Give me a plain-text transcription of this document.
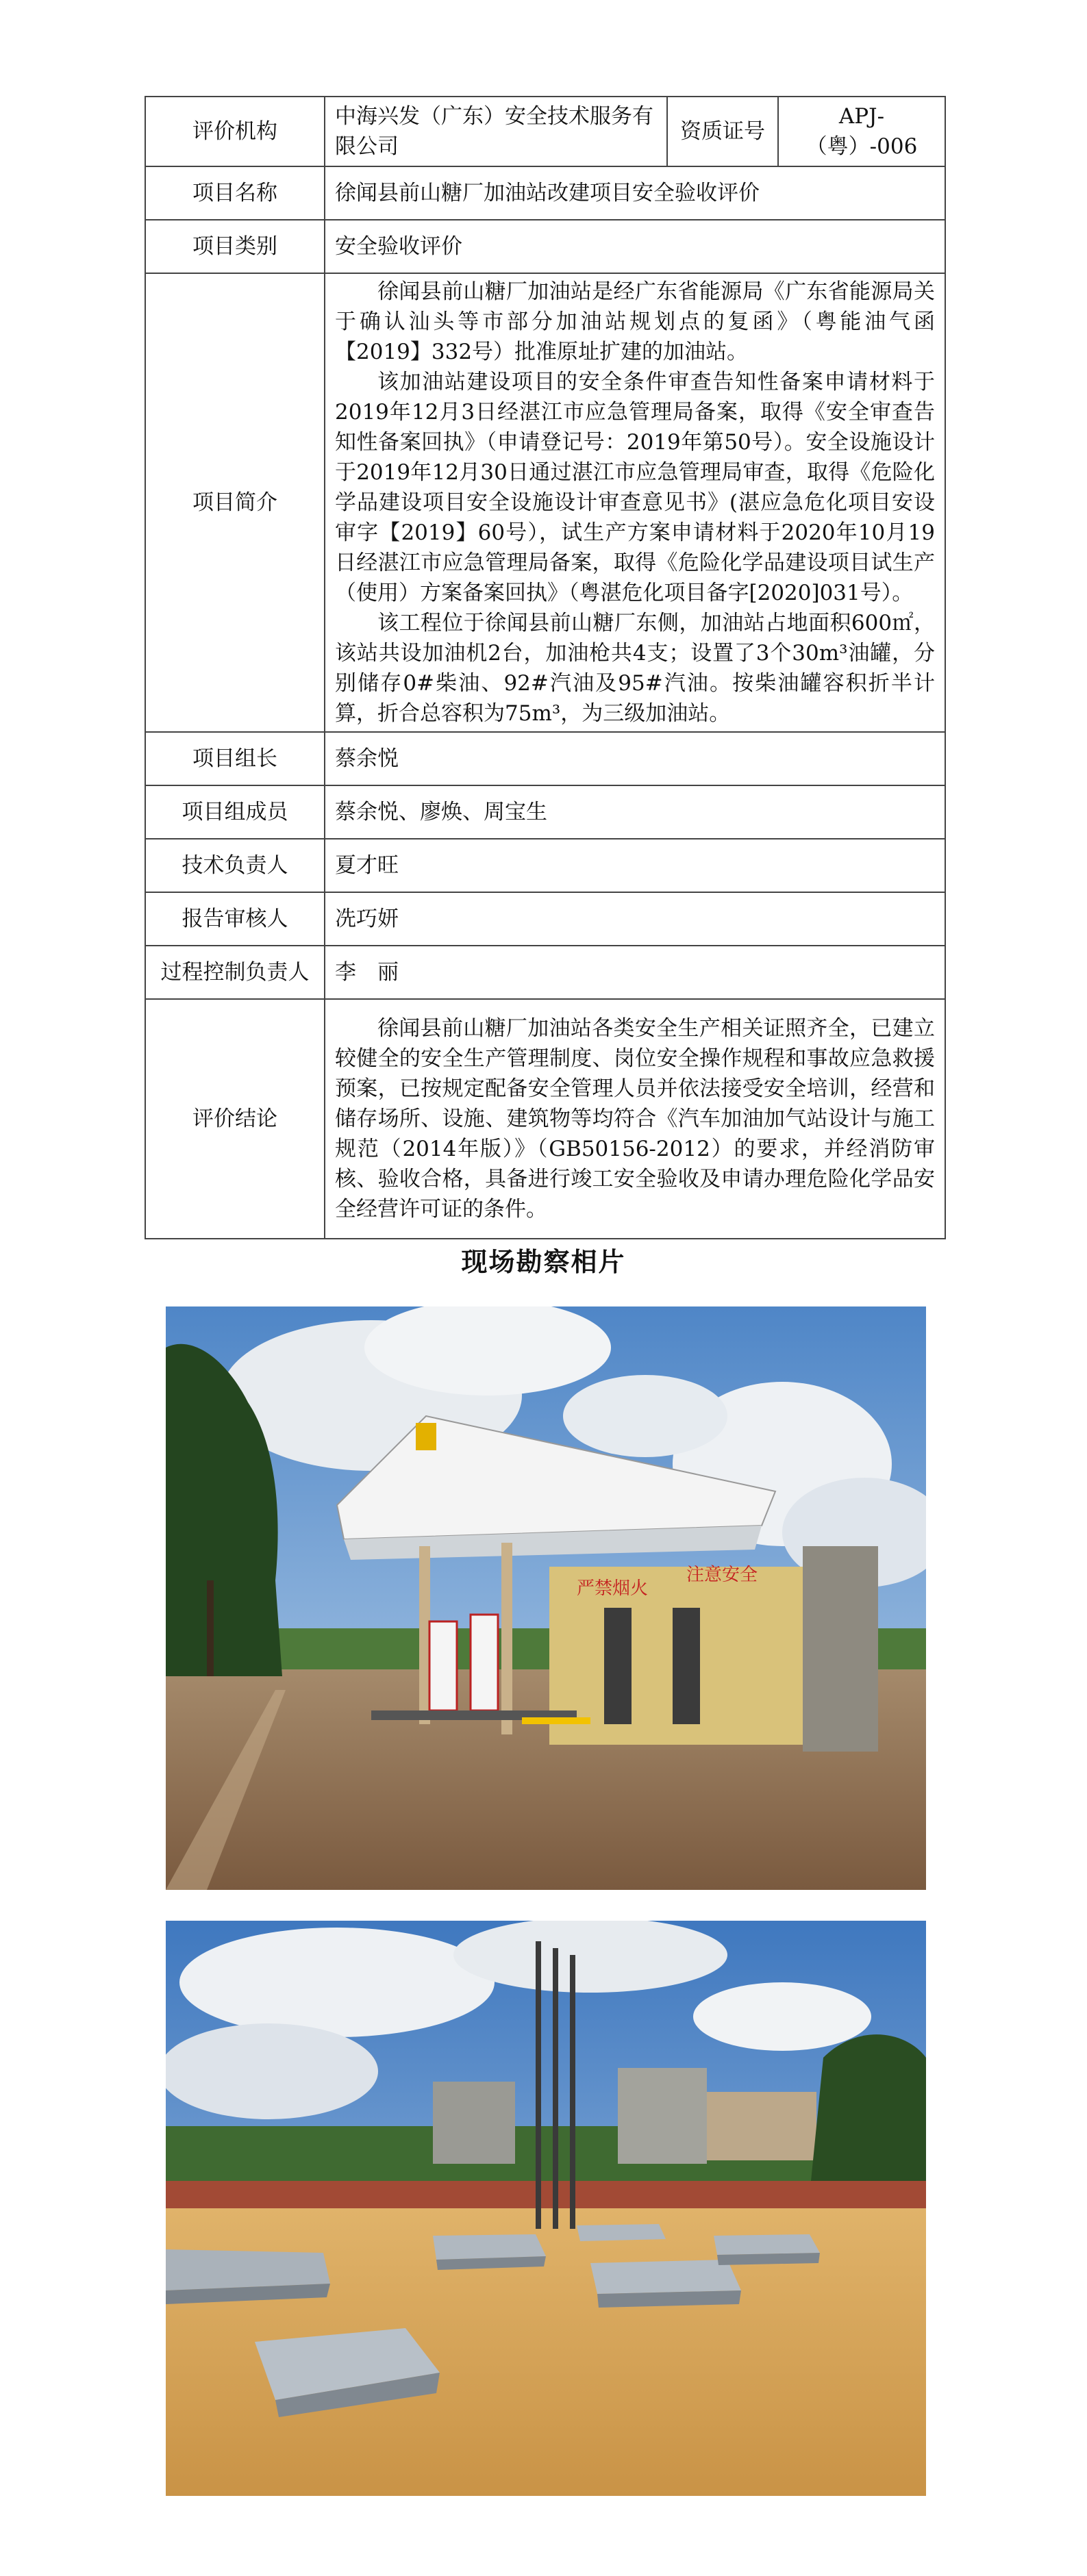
评价机构	中海兴发（广东）安全技术服务有限公司	资质证号	APJ-（粤）-006
项目名称	徐闻县前山糖厂加油站改建项目安全验收评价		
项目类别	安全验收评价		
项目简介	徐闻县前山糖厂加油站是经广东省能源局《广东省能源局关于确认汕头等市部分加油站规划点的复函》（粤能油气函【2019】332号）批准原址扩建的加油站。

该加油站建设项目的安全条件审查告知性备案申请材料于2019年12月3日经湛江市应急管理局备案，取得《安全审查告知性备案回执》（申请登记号：2019年第50号）。安全设施设计于2019年12月30日通过湛江市应急管理局审查，取得《危险化学品建设项目安全设施设计审查意见书》(湛应急危化项目安设审字【2019】60号），试生产方案申请材料于2020年10月19日经湛江市应急管理局备案，取得《危险化学品建设项目试生产（使用）方案备案回执》（粤湛危化项目备字[2020]031号）。

该工程位于徐闻县前山糖厂东侧，加油站占地面积600㎡，该站共设加油机2台，加油枪共4支；设置了3个30m³油罐，分别储存0#柴油、92#汽油及95#汽油。按柴油罐容积折半计算，折合总容积为75m³，为三级加油站。		

项目组长	蔡余悦		
项目组成员	蔡余悦、廖焕、周宝生		
技术负责人	夏才旺		
报告审核人	冼巧妍		
过程控制负责人	李　丽		
评价结论	徐闻县前山糖厂加油站各类安全生产相关证照齐全，已建立较健全的安全生产管理制度、岗位安全操作规程和事故应急救援预案，已按规定配备安全管理人员并依法接受安全培训，经营和储存场所、设施、建筑物等均符合《汽车加油加气站设计与施工规范（2014年版）》（GB50156-2012）的要求，并经消防审核、验收合格，具备进行竣工安全验收及申请办理危险化学品安全经营许可证的条件。		

现场勘察相片
严禁烟火
注意安全
